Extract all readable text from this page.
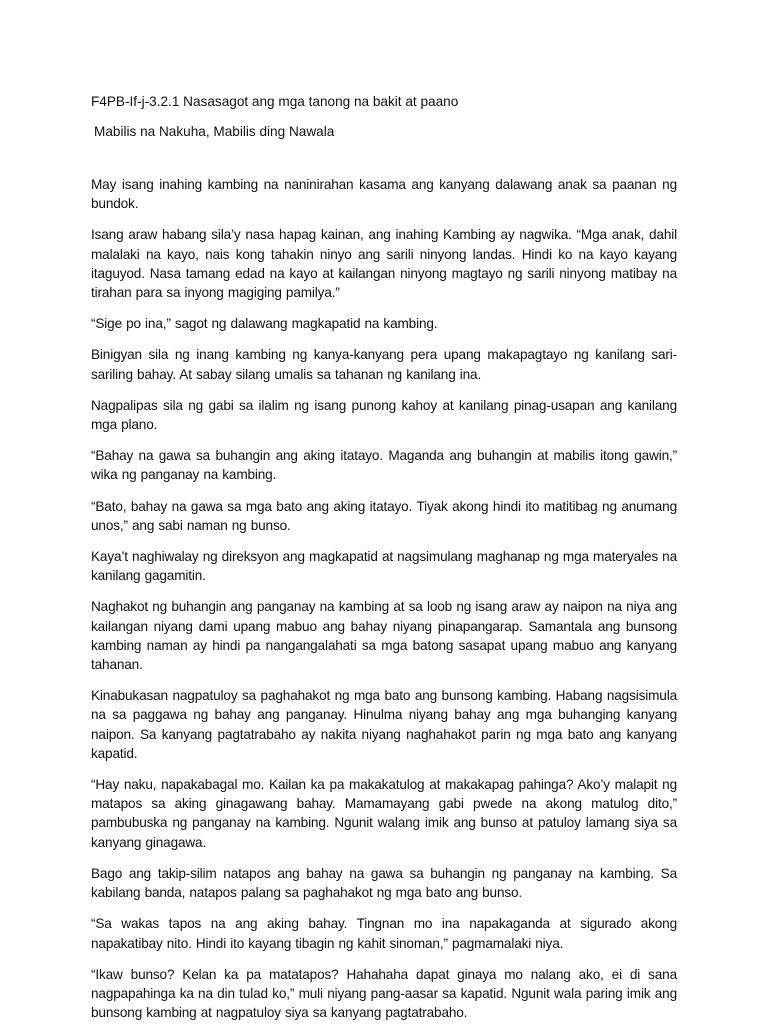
F4PB-If-j-3.2.1 Nasasagot ang mga tanong na bakit at paano
Mabilis na Nakuha, Mabilis ding Nawala

May isang inahing kambing na naninirahan kasama ang kanyang dalawang anak sa paanan ng bundok.

Isang araw habang sila’y nasa hapag kainan, ang inahing Kambing ay nagwika. “Mga anak, dahil malalaki na kayo, nais kong tahakin ninyo ang sarili ninyong landas. Hindi ko na kayo kayang itaguyod. Nasa tamang edad na kayo at kailangan ninyong magtayo ng sarili ninyong matibay na tirahan para sa inyong magiging pamilya.”

“Sige po ina,” sagot ng dalawang magkapatid na kambing.

Binigyan sila ng inang kambing ng kanya-kanyang pera upang makapagtayo ng kanilang sari-sariling bahay. At sabay silang umalis sa tahanan ng kanilang ina.

Nagpalipas sila ng gabi sa ilalim ng isang punong kahoy at kanilang pinag-usapan ang kanilang mga plano.

“Bahay na gawa sa buhangin ang aking itatayo. Maganda ang buhangin at mabilis itong gawin,” wika ng panganay na kambing.

“Bato, bahay na gawa sa mga bato ang aking itatayo. Tiyak akong hindi ito matitibag ng anumang unos,” ang sabi naman ng bunso.

Kaya’t naghiwalay ng direksyon ang magkapatid at nagsimulang maghanap ng mga materyales na kanilang gagamitin.

Naghakot ng buhangin ang panganay na kambing at sa loob ng isang araw ay naipon na niya ang kailangan niyang dami upang mabuo ang bahay niyang pinapangarap. Samantala ang bunsong kambing naman ay hindi pa nangangalahati sa mga batong sasapat upang mabuo ang kanyang tahanan.

Kinabukasan nagpatuloy sa paghahakot ng mga bato ang bunsong kambing. Habang nagsisimula na sa paggawa ng bahay ang panganay. Hinulma niyang bahay ang mga buhanging kanyang naipon. Sa kanyang pagtatrabaho ay nakita niyang naghahakot parin ng mga bato ang kanyang kapatid.

“Hay naku, napakabagal mo. Kailan ka pa makakatulog at makakapag pahinga? Ako’y malapit ng matapos sa aking ginagawang bahay. Mamamayang gabi pwede na akong matulog dito,” pambubuska ng panganay na kambing. Ngunit walang imik ang bunso at patuloy lamang siya sa kanyang ginagawa.

Bago ang takip-silim natapos ang bahay na gawa sa buhangin ng panganay na kambing. Sa kabilang banda, natapos palang sa paghahakot ng mga bato ang bunso.

“Sa wakas tapos na ang aking bahay. Tingnan mo ina napakaganda at sigurado akong napakatibay nito. Hindi ito kayang tibagin ng kahit sinoman,” pagmamalaki niya.

“Ikaw bunso? Kelan ka pa matatapos? Hahahaha dapat ginaya mo nalang ako, ei di sana nagpapahinga ka na din tulad ko,” muli niyang pang-aasar sa kapatid. Ngunit wala paring imik ang bunsong kambing at nagpatuloy siya sa kanyang pagtatrabaho.
